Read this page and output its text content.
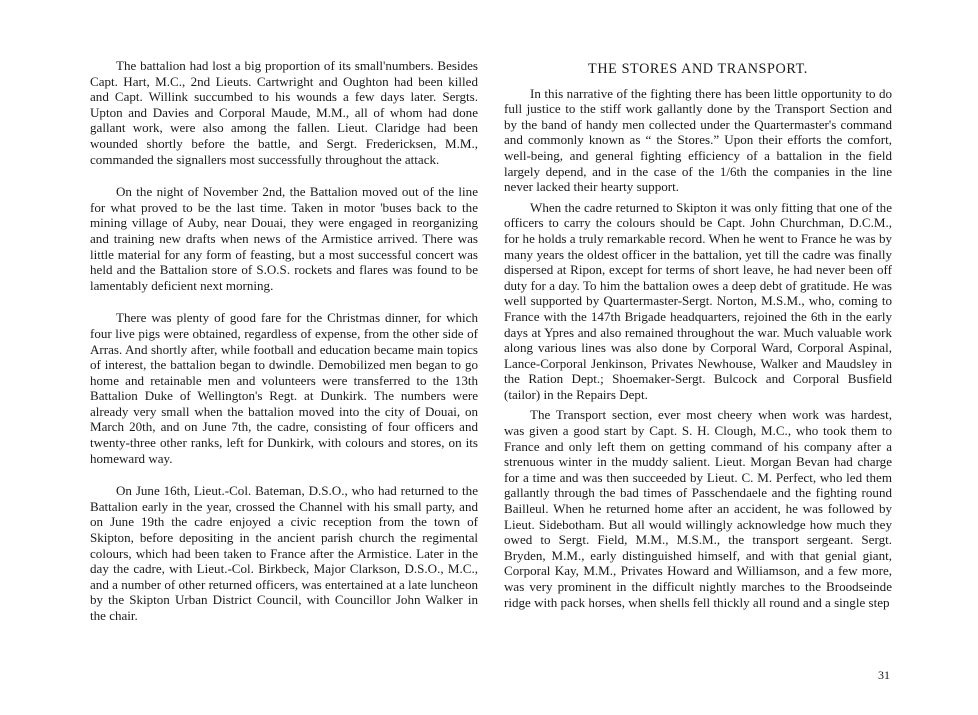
The battalion had lost a big proportion of its small'numbers. Besides Capt. Hart, M.C., 2nd Lieuts. Cartwright and Oughton had been killed and Capt. Willink succumbed to his wounds a few days later. Sergts. Upton and Davies and Corporal Maude, M.M., all of whom had done gallant work, were also among the fallen. Lieut. Claridge had been wounded shortly before the battle, and Sergt. Fredericksen, M.M., commanded the signallers most successfully throughout the attack.

On the night of November 2nd, the Battalion moved out of the line for what proved to be the last time. Taken in motor 'buses back to the mining village of Auby, near Douai, they were engaged in reorganizing and training new drafts when news of the Armistice arrived. There was little material for any form of feasting, but a most successful concert was held and the Battalion store of S.O.S. rockets and flares was found to be lamentably deficient next morning.

There was plenty of good fare for the Christmas dinner, for which four live pigs were obtained, regardless of expense, from the other side of Arras. And shortly after, while football and education became main topics of interest, the battalion began to dwindle. Demobilized men began to go home and retainable men and volunteers were transferred to the 13th Battalion Duke of Wellington's Regt. at Dunkirk. The numbers were already very small when the battalion moved into the city of Douai, on March 20th, and on June 7th, the cadre, consisting of four officers and twenty-three other ranks, left for Dunkirk, with colours and stores, on its homeward way.

On June 16th, Lieut.-Col. Bateman, D.S.O., who had returned to the Battalion early in the year, crossed the Channel with his small party, and on June 19th the cadre enjoyed a civic reception from the town of Skipton, before depositing in the ancient parish church the regimental colours, which had been taken to France after the Armistice. Later in the day the cadre, with Lieut.-Col. Birkbeck, Major Clarkson, D.S.O., M.C., and a number of other returned officers, was entertained at a late luncheon by the Skipton Urban District Council, with Councillor John Walker in the chair.

THE STORES AND TRANSPORT.

In this narrative of the fighting there has been little opportunity to do full justice to the stiff work gallantly done by the Transport Section and by the band of handy men collected under the Quartermaster's command and commonly known as “ the Stores.” Upon their efforts the comfort, well-being, and general fighting efficiency of a battalion in the field largely depend, and in the case of the 1/6th the companies in the line never lacked their hearty support.

When the cadre returned to Skipton it was only fitting that one of the officers to carry the colours should be Capt. John Churchman, D.C.M., for he holds a truly remarkable record. When he went to France he was by many years the oldest officer in the battalion, yet till the cadre was finally dispersed at Ripon, except for terms of short leave, he had never been off duty for a day. To him the battalion owes a deep debt of gratitude. He was well supported by Quartermaster-Sergt. Norton, M.S.M., who, coming to France with the 147th Brigade headquarters, rejoined the 6th in the early days at Ypres and also remained throughout the war. Much valuable work along various lines was also done by Corporal Ward, Corporal Aspinal, Lance-Corporal Jenkinson, Privates Newhouse, Walker and Maudsley in the Ration Dept.; Shoemaker-Sergt. Bulcock and Corporal Busfield (tailor) in the Repairs Dept.

The Transport section, ever most cheery when work was hardest, was given a good start by Capt. S. H. Clough, M.C., who took them to France and only left them on getting command of his company after a strenuous winter in the muddy salient. Lieut. Morgan Bevan had charge for a time and was then succeeded by Lieut. C. M. Perfect, who led them gallantly through the bad times of Passchendaele and the fighting round Bailleul. When he returned home after an accident, he was followed by Lieut. Sidebotham. But all would willingly acknowledge how much they owed to Sergt. Field, M.M., M.S.M., the transport sergeant. Sergt. Bryden, M.M., early distinguished himself, and with that genial giant, Corporal Kay, M.M., Privates Howard and Williamson, and a few more, was very prominent in the difficult nightly marches to the Broodseinde ridge with pack horses, when shells fell thickly all round and a single step

31
